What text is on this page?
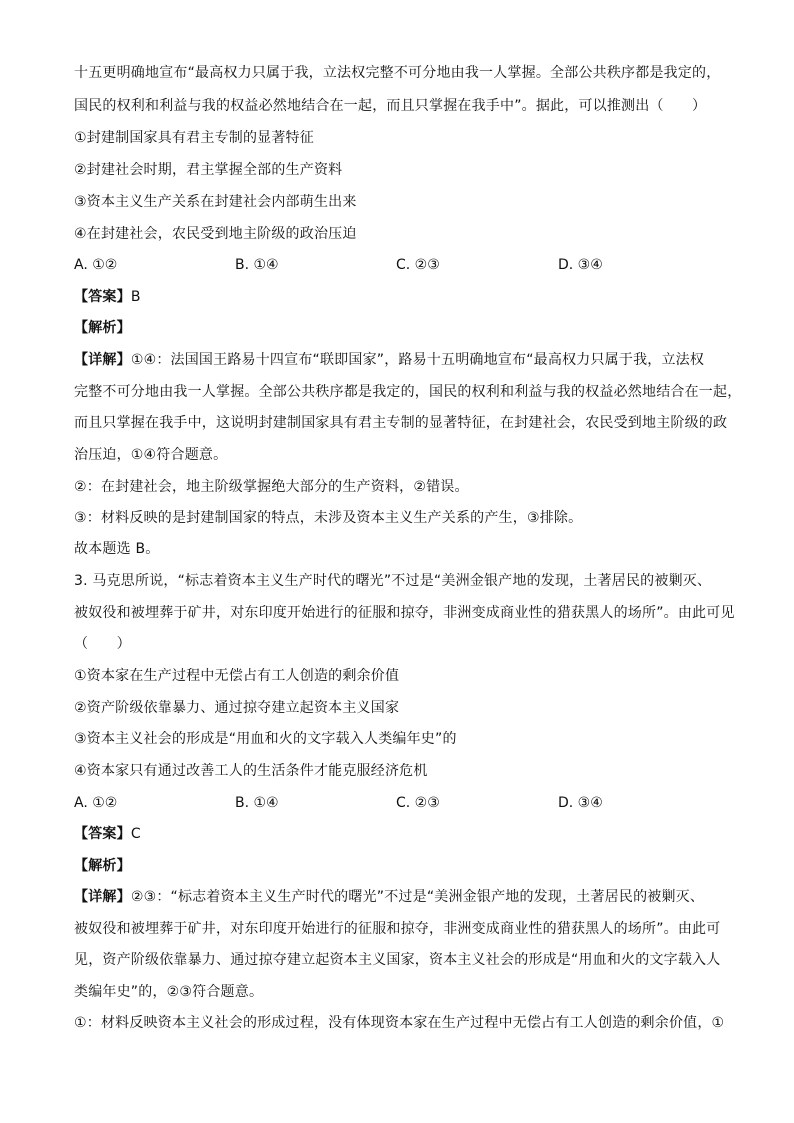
十五更明确地宣布“最高权力只属于我，立法权完整不可分地由我一人掌握。全部公共秩序都是我定的，
国民的权利和利益与我的权益必然地结合在一起，而且只掌握在我手中”。据此，可以推测出（　　）
①封建制国家具有君主专制的显著特征
②封建社会时期，君主掌握全部的生产资料
③资本主义生产关系在封建社会内部萌生出来
④在封建社会，农民受到地主阶级的政治压迫
A. ①②	B. ①④	C. ②③	D. ③④
【答案】B
【解析】
【详解】①④：法国国王路易十四宣布“联即国家”，路易十五明确地宣布“最高权力只属于我，立法权
完整不可分地由我一人掌握。全部公共秩序都是我定的，国民的权利和利益与我的权益必然地结合在一起，
而且只掌握在我手中，这说明封建制国家具有君主专制的显著特征，在封建社会，农民受到地主阶级的政
治压迫，①④符合题意。
②：在封建社会，地主阶级掌握绝大部分的生产资料，②错误。
③：材料反映的是封建制国家的特点，未涉及资本主义生产关系的产生，③排除。
故本题选 B。
3. 马克思所说，“标志着资本主义生产时代的曙光”不过是“美洲金银产地的发现，土著居民的被剿灭、
被奴役和被埋葬于矿井，对东印度开始进行的征服和掠夺，非洲变成商业性的猎获黑人的场所”。由此可见
（　　）
①资本家在生产过程中无偿占有工人创造的剩余价值
②资产阶级依靠暴力、通过掠夺建立起资本主义国家
③资本主义社会的形成是“用血和火的文字载入人类编年史”的
④资本家只有通过改善工人的生活条件才能克服经济危机
A. ①②	B. ①④	C. ②③	D. ③④
【答案】C
【解析】
【详解】②③：“标志着资本主义生产时代的曙光”不过是“美洲金银产地的发现，土著居民的被剿灭、
被奴役和被埋葬于矿井，对东印度开始进行的征服和掠夺，非洲变成商业性的猎获黑人的场所”。由此可
见，资产阶级依靠暴力、通过掠夺建立起资本主义国家，资本主义社会的形成是“用血和火的文字载入人
类编年史”的，②③符合题意。
①：材料反映资本主义社会的形成过程，没有体现资本家在生产过程中无偿占有工人创造的剩余价值，①
